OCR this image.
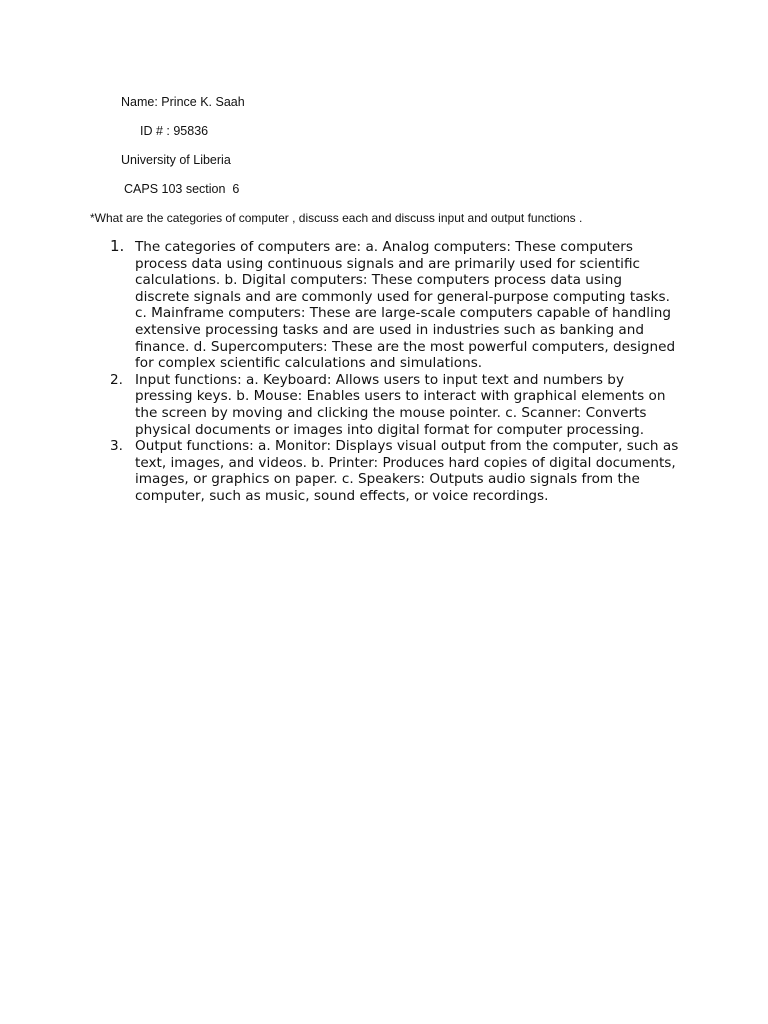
Name: Prince K. Saah
ID # : 95836
University of Liberia
CAPS 103 section  6
*What are the categories of computer , discuss each and discuss input and output functions .
1. The categories of computers are: a. Analog computers: These computers process data using continuous signals and are primarily used for scientific calculations. b. Digital computers: These computers process data using discrete signals and are commonly used for general-purpose computing tasks. c. Mainframe computers: These are large-scale computers capable of handling extensive processing tasks and are used in industries such as banking and finance. d. Supercomputers: These are the most powerful computers, designed for complex scientific calculations and simulations.
2. Input functions: a. Keyboard: Allows users to input text and numbers by pressing keys. b. Mouse: Enables users to interact with graphical elements on the screen by moving and clicking the mouse pointer. c. Scanner: Converts physical documents or images into digital format for computer processing.
3. Output functions: a. Monitor: Displays visual output from the computer, such as text, images, and videos. b. Printer: Produces hard copies of digital documents, images, or graphics on paper. c. Speakers: Outputs audio signals from the computer, such as music, sound effects, or voice recordings.
